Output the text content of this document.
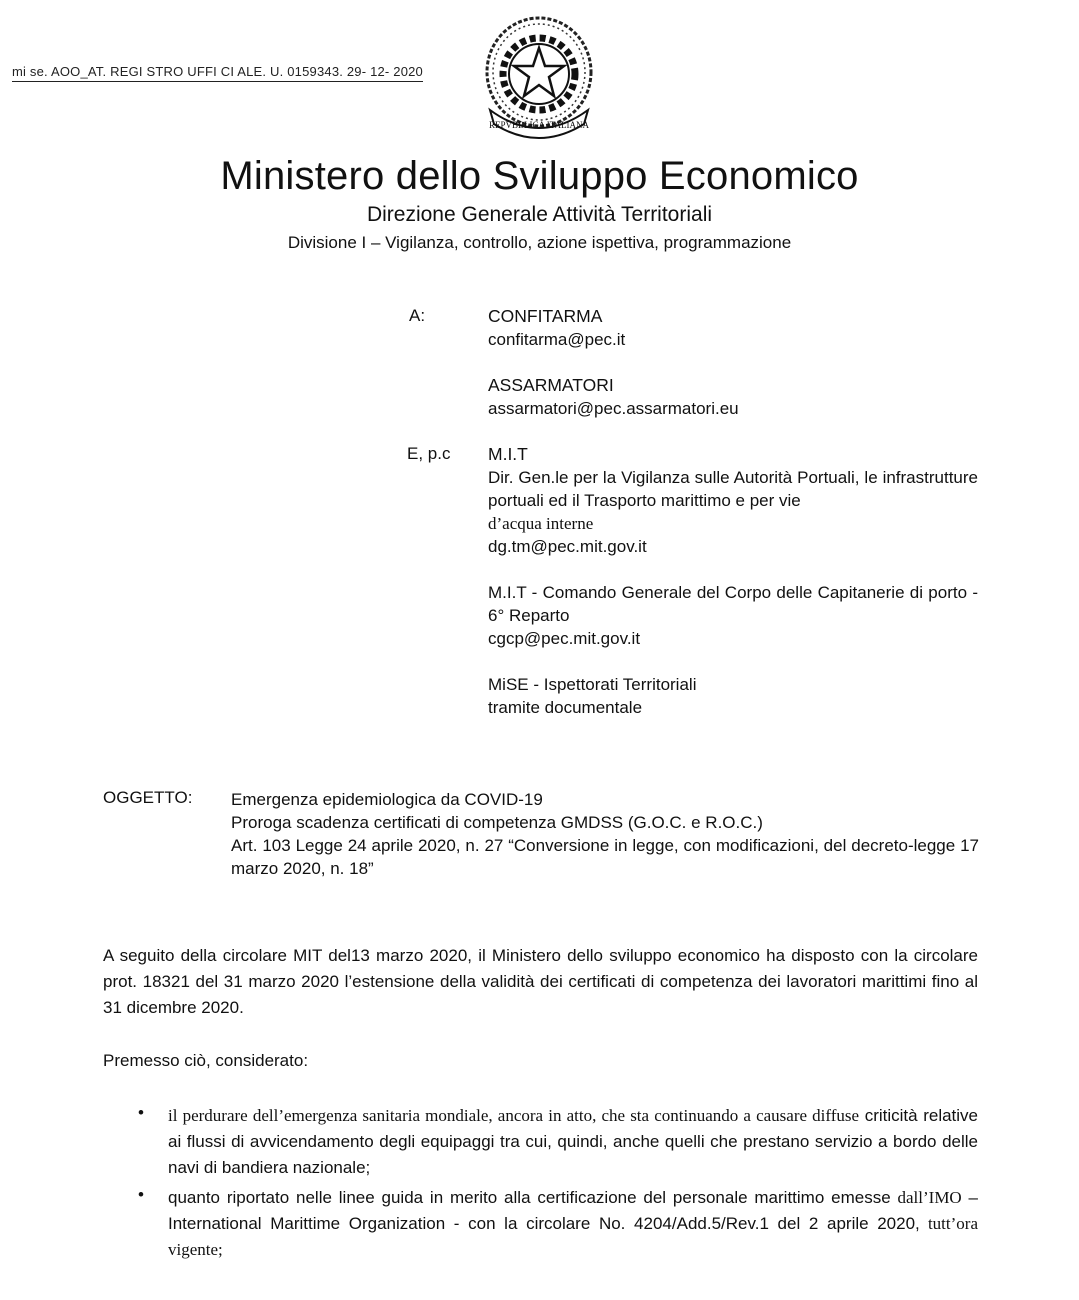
mi se. AOO_AT. REGI STRO UFFI CI ALE. U. 0159343. 29- 12- 2020
REPVBBLICA ITALIANA
Ministero dello Sviluppo Economico
Direzione Generale Attività Territoriali
Divisione I – Vigilanza, controllo, azione ispettiva, programmazione
A:	CONFITARMA
confitarma@pec.it
ASSARMATORI
assarmatori@pec.assarmatori.eu
E, p.c M.I.T
Dir. Gen.le per la Vigilanza sulle Autorità Portuali, le infrastrutture portuali ed il Trasporto marittimo e per vie
d’acqua interne
dg.tm@pec.mit.gov.it
M.I.T - Comando Generale del Corpo delle Capitanerie di porto - 6° Reparto
cgcp@pec.mit.gov.it
MiSE - Ispettorati Territoriali
tramite documentale
OGGETTO: Emergenza epidemiologica da COVID-19
Proroga scadenza certificati di competenza GMDSS (G.O.C. e R.O.C.)
Art. 103 Legge 24 aprile 2020, n. 27 “Conversione in legge, con modificazioni, del decreto-legge 17 marzo 2020, n. 18”
A seguito della circolare MIT del13 marzo 2020, il Ministero dello sviluppo economico ha disposto con la circolare prot. 18321 del 31 marzo 2020 l’estensione della validità dei certificati di competenza dei lavoratori marittimi fino al 31 dicembre 2020.
Premesso ciò, considerato:
• il perdurare dell’emergenza sanitaria mondiale, ancora in atto, che sta continuando a causare diffuse criticità relative ai flussi di avvicendamento degli equipaggi tra cui, quindi, anche quelli che prestano servizio a bordo delle navi di bandiera nazionale;
• quanto riportato nelle linee guida in merito alla certificazione del personale marittimo emesse dall’IMO – International Marittime Organization - con la circolare No. 4204/Add.5/Rev.1 del 2 aprile 2020, tutt’ora vigente;
